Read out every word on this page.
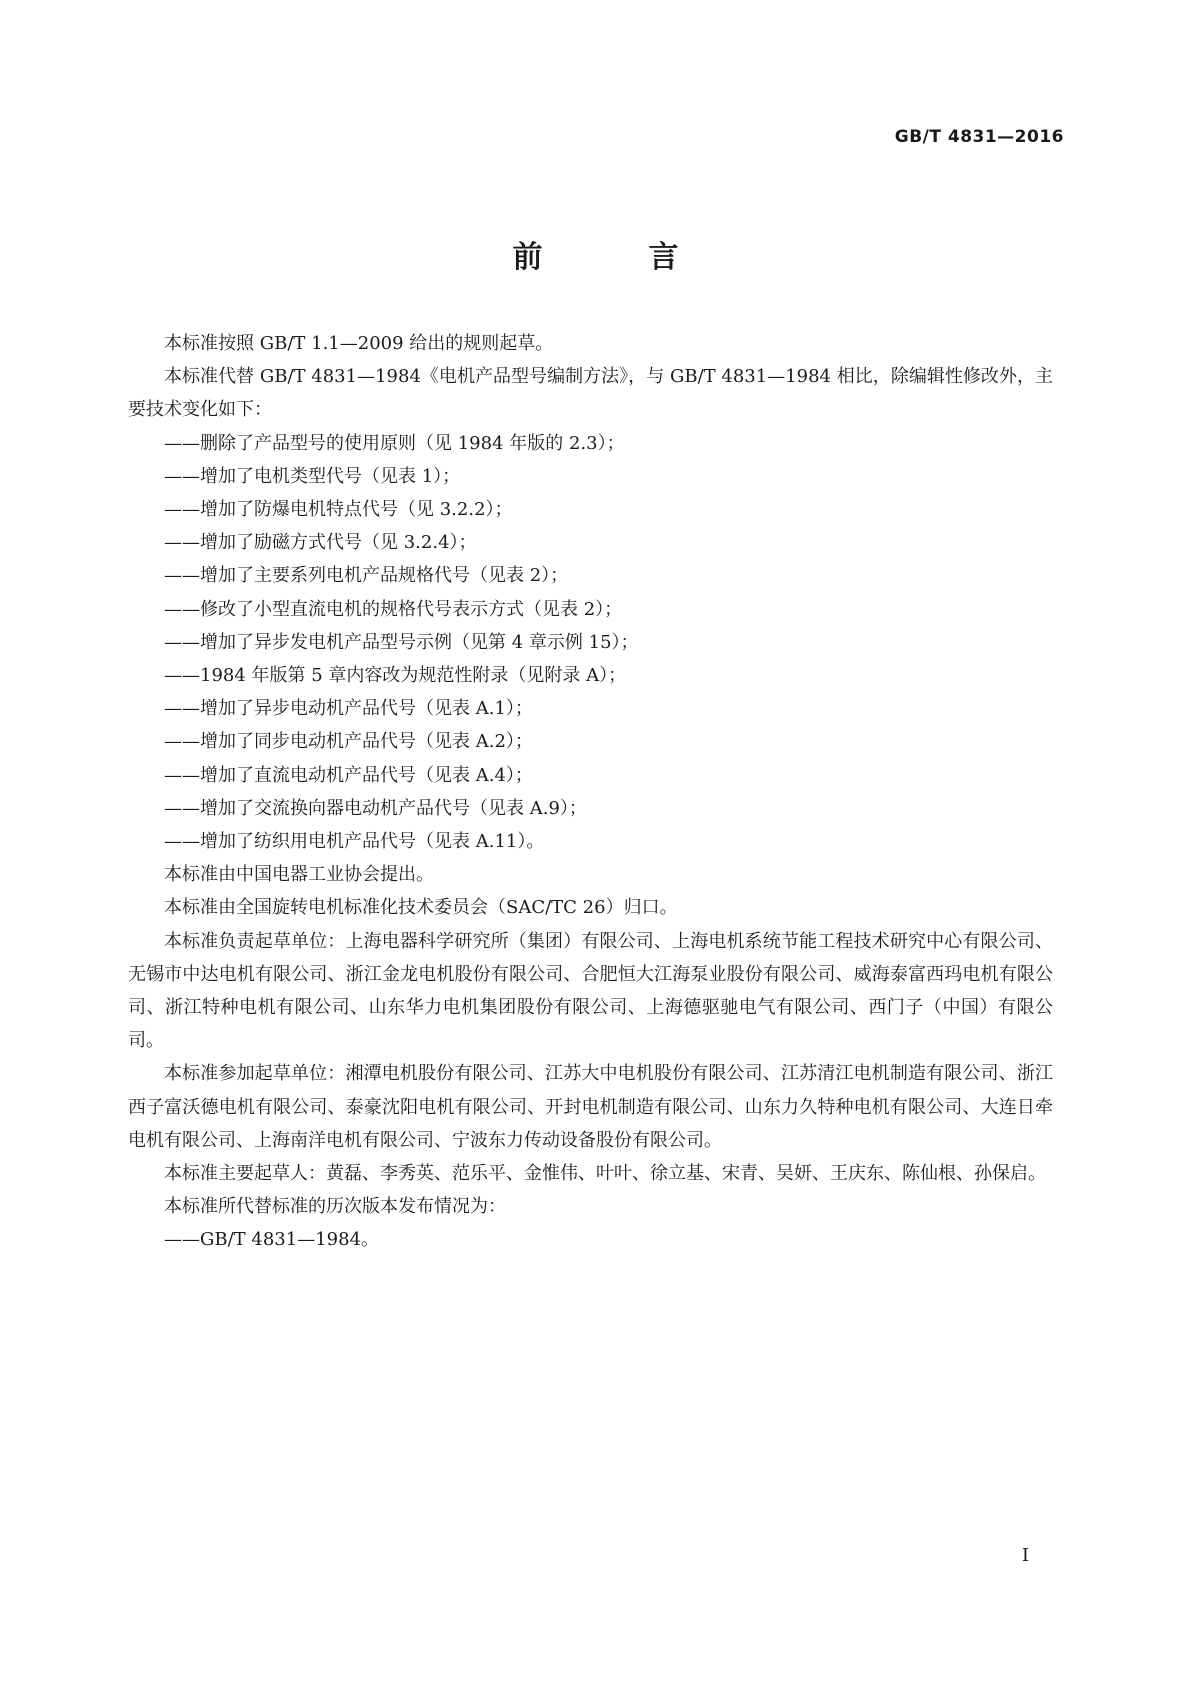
GB/T 4831—2016
前　言

本标准按照 GB/T 1.1—2009 给出的规则起草。

本标准代替 GB/T 4831—1984《电机产品型号编制方法》，与 GB/T 4831—1984 相比，除编辑性修改外，主要技术变化如下：

——删除了产品型号的使用原则（见 1984 年版的 2.3）；

——增加了电机类型代号（见表 1）；

——增加了防爆电机特点代号（见 3.2.2）；

——增加了励磁方式代号（见 3.2.4）；

——增加了主要系列电机产品规格代号（见表 2）；

——修改了小型直流电机的规格代号表示方式（见表 2）；

——增加了异步发电机产品型号示例（见第 4 章示例 15）；

——1984 年版第 5 章内容改为规范性附录（见附录 A）；

——增加了异步电动机产品代号（见表 A.1）；

——增加了同步电动机产品代号（见表 A.2）；

——增加了直流电动机产品代号（见表 A.4）；

——增加了交流换向器电动机产品代号（见表 A.9）；

——增加了纺织用电机产品代号（见表 A.11）。

本标准由中国电器工业协会提出。

本标准由全国旋转电机标准化技术委员会（SAC/TC 26）归口。

本标准负责起草单位：上海电器科学研究所（集团）有限公司、上海电机系统节能工程技术研究中心有限公司、无锡市中达电机有限公司、浙江金龙电机股份有限公司、合肥恒大江海泵业股份有限公司、威海泰富西玛电机有限公司、浙江特种电机有限公司、山东华力电机集团股份有限公司、上海德驱驰电气有限公司、西门子（中国）有限公司。

本标准参加起草单位：湘潭电机股份有限公司、江苏大中电机股份有限公司、江苏清江电机制造有限公司、浙江西子富沃德电机有限公司、泰豪沈阳电机有限公司、开封电机制造有限公司、山东力久特种电机有限公司、大连日牵电机有限公司、上海南洋电机有限公司、宁波东力传动设备股份有限公司。

本标准主要起草人：黄磊、李秀英、范乐平、金惟伟、叶叶、徐立基、宋青、吴妍、王庆东、陈仙根、孙保启。

本标准所代替标准的历次版本发布情况为：

——GB/T 4831—1984。

I
